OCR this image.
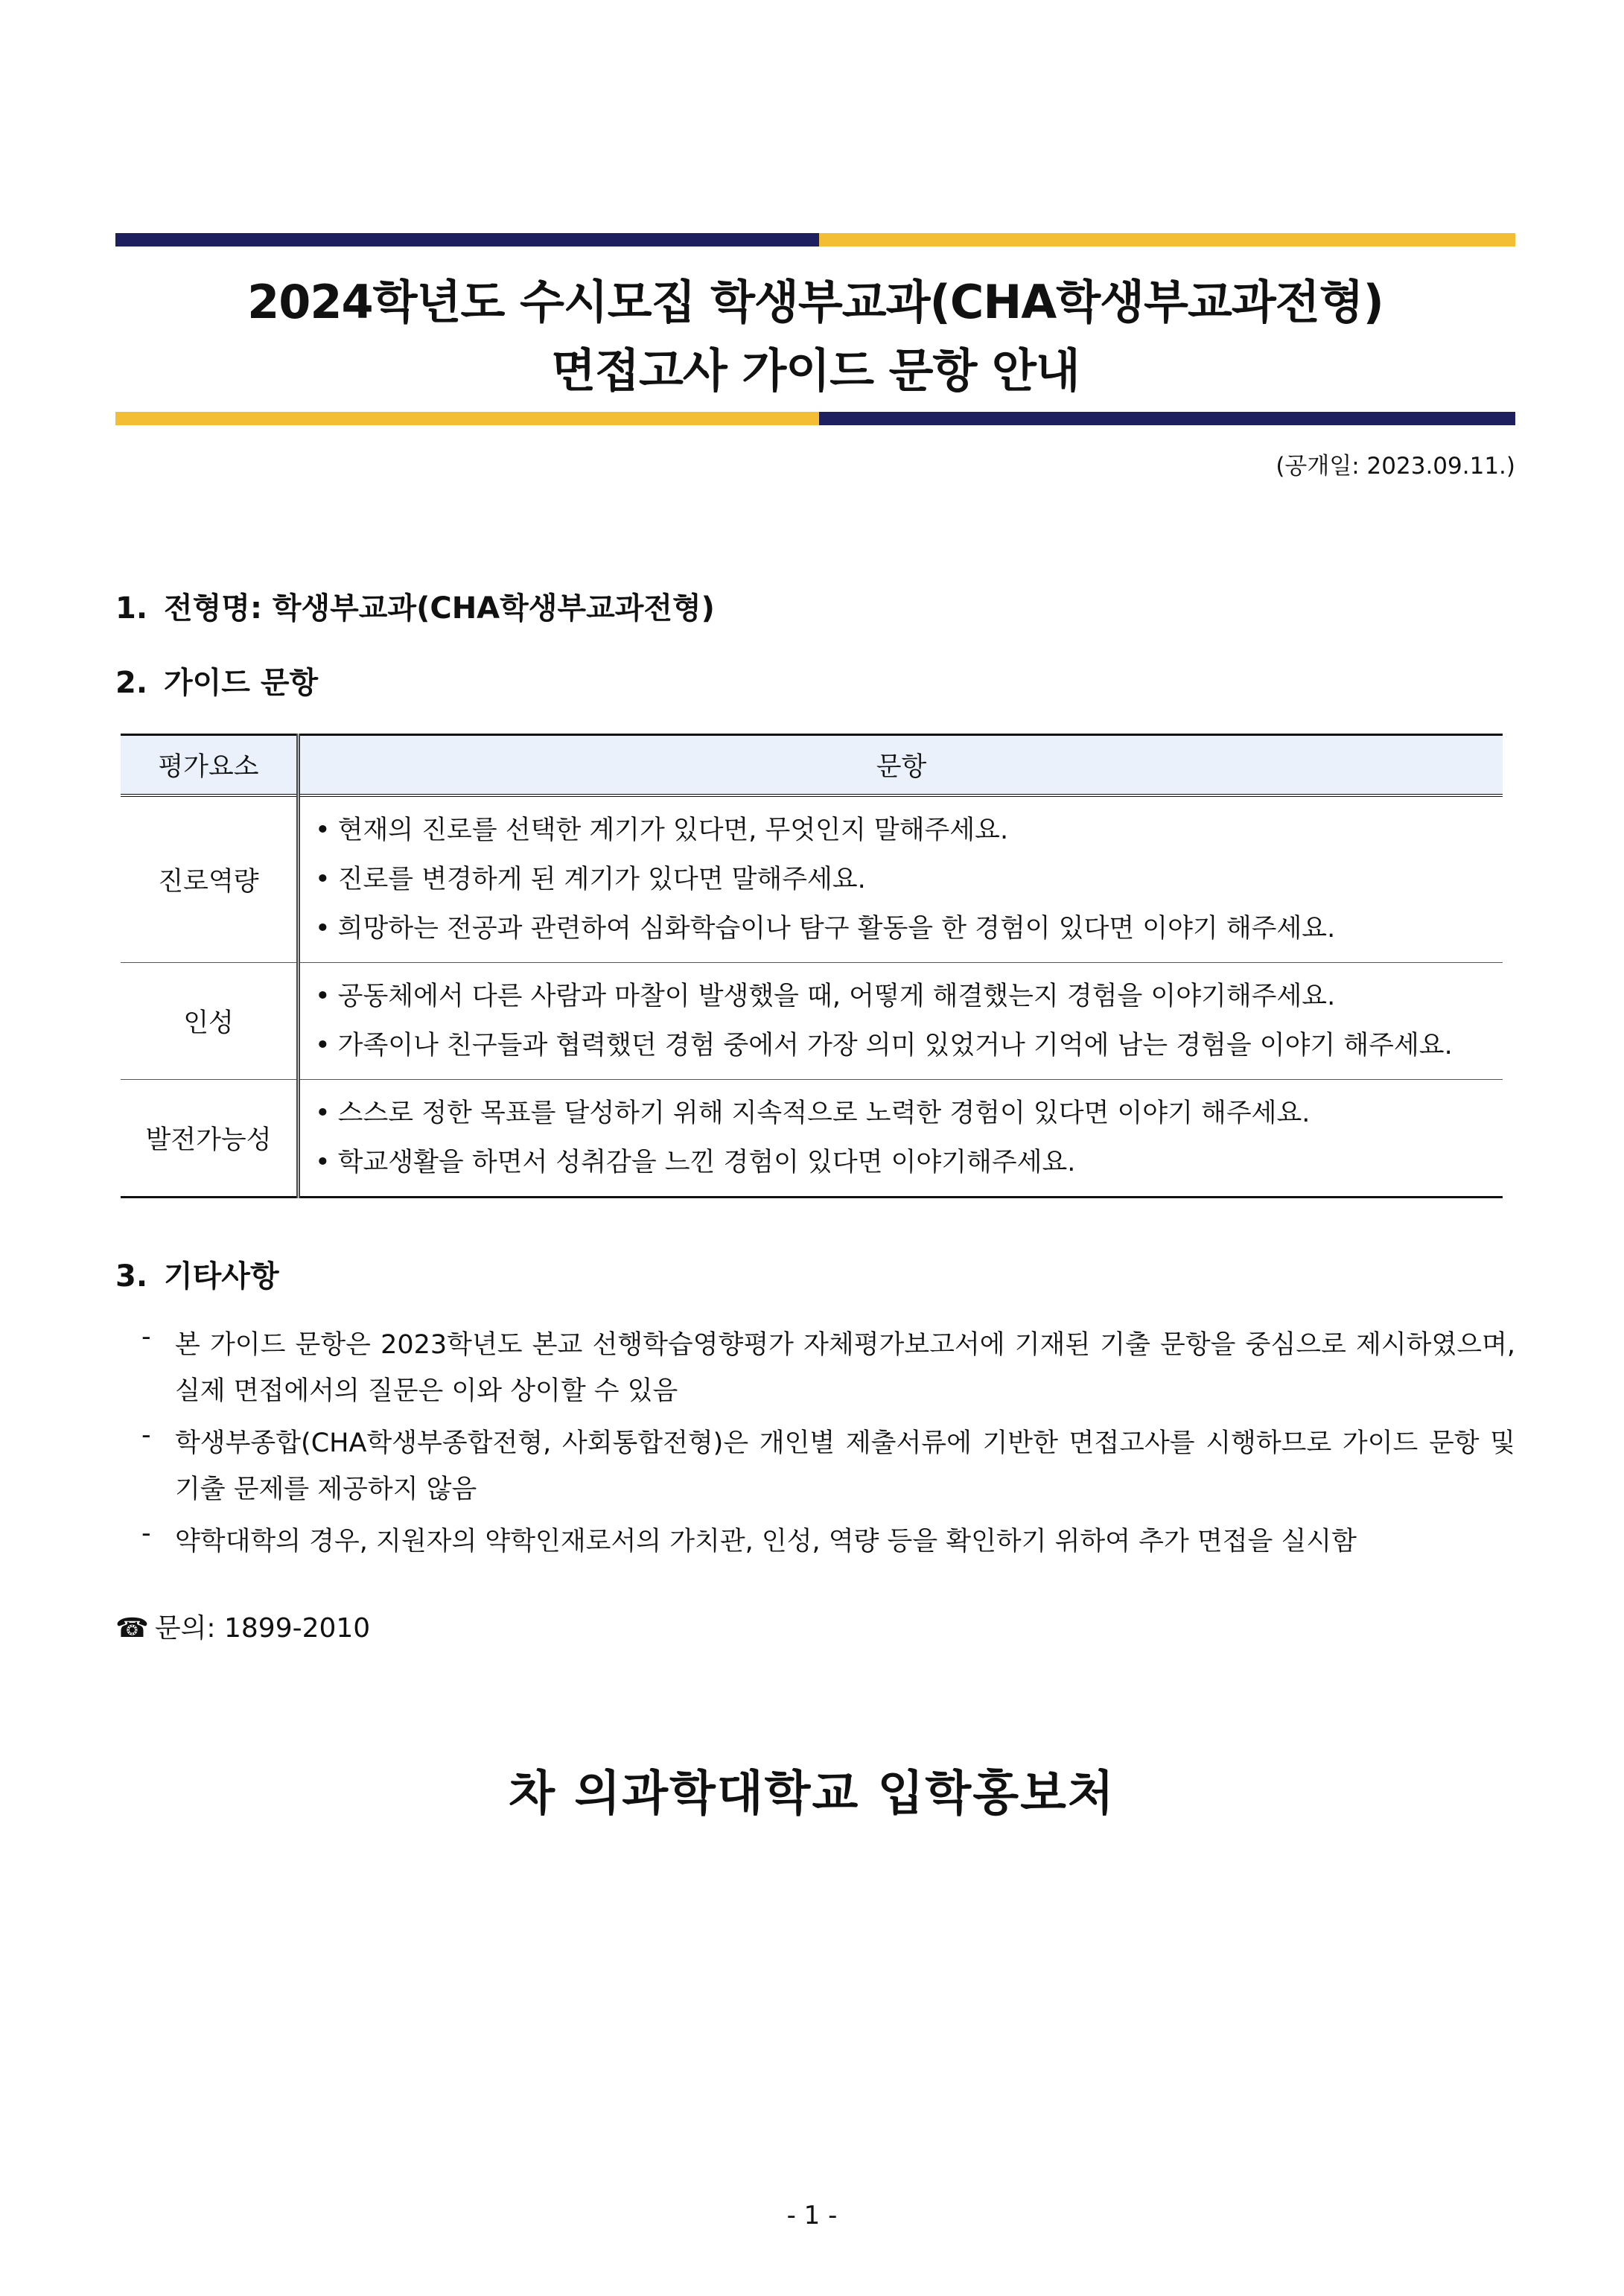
2024학년도 수시모집 학생부교과(CHA학생부교과전형)
면접고사 가이드 문항 안내
(공개일: 2023.09.11.)
1. 전형명: 학생부교과(CHA학생부교과전형)
2. 가이드 문항
평가요소	문항
진로역량	• 현재의 진로를 선택한 계기가 있다면, 무엇인지 말해주세요.
• 진로를 변경하게 된 계기가 있다면 말해주세요.
• 희망하는 전공과 관련하여 심화학습이나 탐구 활동을 한 경험이 있다면 이야기 해주세요.

인성	• 공동체에서 다른 사람과 마찰이 발생했을 때, 어떻게 해결했는지 경험을 이야기해주세요.
• 가족이나 친구들과 협력했던 경험 중에서 가장 의미 있었거나 기억에 남는 경험을 이야기 해주세요.

발전가능성	• 스스로 정한 목표를 달성하기 위해 지속적으로 노력한 경험이 있다면 이야기 해주세요.
• 학교생활을 하면서 성취감을 느낀 경험이 있다면 이야기해주세요.
3. 기타사항
- 본 가이드 문항은 2023학년도 본교 선행학습영향평가 자체평가보고서에 기재된 기출 문항을 중심으로 제시하였으며,
실제 면접에서의 질문은 이와 상이할 수 있음
- 학생부종합(CHA학생부종합전형, 사회통합전형)은 개인별 제출서류에 기반한 면접고사를 시행하므로 가이드 문항 및
기출 문제를 제공하지 않음
- 약학대학의 경우, 지원자의 약학인재로서의 가치관, 인성, 역량 등을 확인하기 위하여 추가 면접을 실시함
☎ 문의: 1899-2010
차 의과학대학교 입학홍보처
- 1 -
